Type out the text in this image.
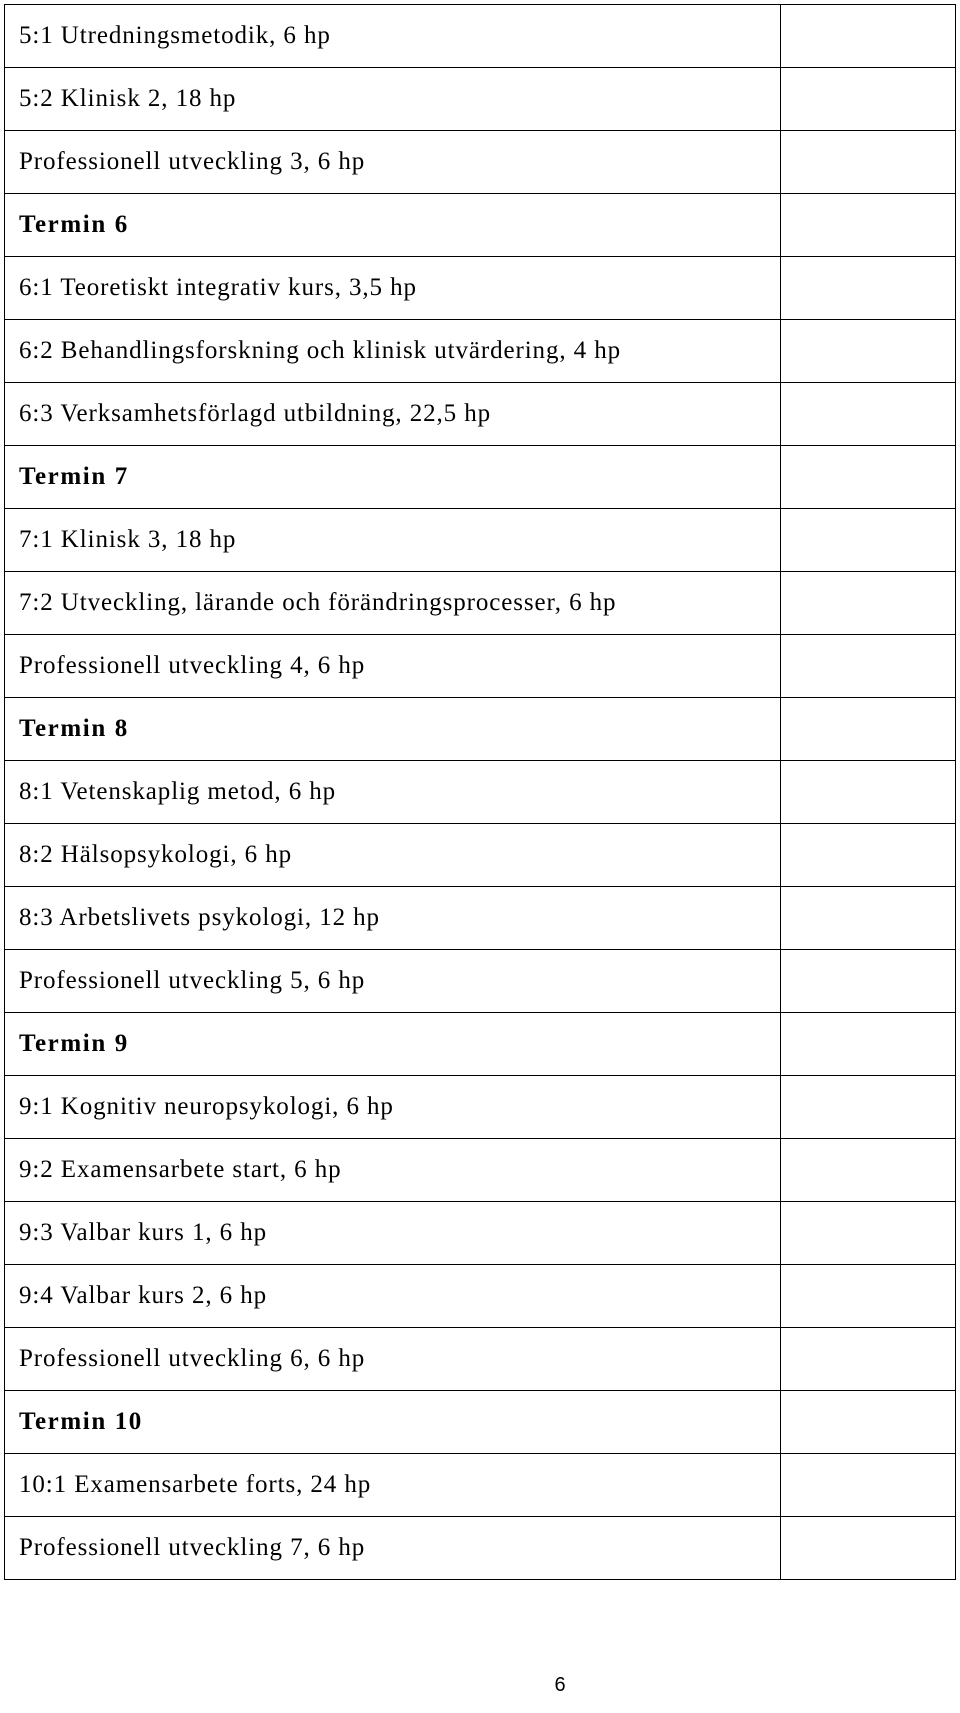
5:1 Utredningsmetodik, 6 hp	
5:2 Klinisk 2, 18 hp	
Professionell utveckling 3, 6 hp	
Termin 6	
6:1 Teoretiskt integrativ kurs, 3,5 hp	
6:2 Behandlingsforskning och klinisk utvärdering, 4 hp	
6:3 Verksamhetsförlagd utbildning, 22,5 hp	
Termin 7	
7:1 Klinisk 3, 18 hp	
7:2 Utveckling, lärande och förändringsprocesser, 6 hp	
Professionell utveckling 4, 6 hp	
Termin 8	
8:1 Vetenskaplig metod, 6 hp	
8:2 Hälsopsykologi, 6 hp	
8:3 Arbetslivets psykologi, 12 hp	
Professionell utveckling 5, 6 hp	
Termin 9	
9:1 Kognitiv neuropsykologi, 6 hp	
9:2 Examensarbete start, 6 hp	
9:3 Valbar kurs 1, 6 hp	
9:4 Valbar kurs 2, 6 hp	
Professionell utveckling 6, 6 hp	
Termin 10	
10:1 Examensarbete forts, 24 hp	
Professionell utveckling 7, 6 hp	
6
